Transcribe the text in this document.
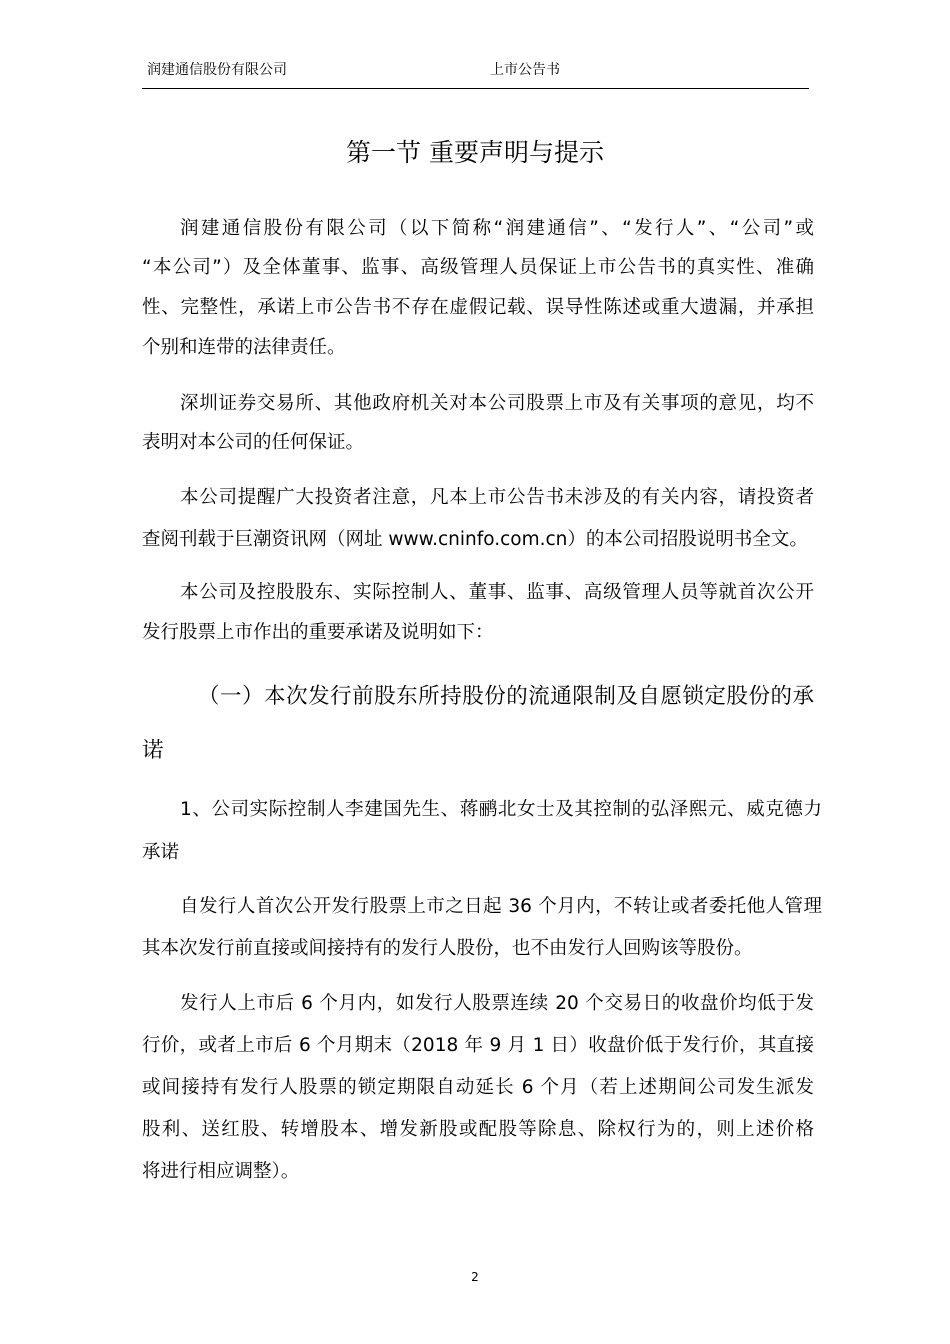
润建通信股份有限公司	上市公告书
第一节 重要声明与提示
润建通信股份有限公司（以下简称“润建通信”、“发行人”、“公司”或
“本公司”）及全体董事、监事、高级管理人员保证上市公告书的真实性、准确
性、完整性，承诺上市公告书不存在虚假记载、误导性陈述或重大遗漏，并承担
个别和连带的法律责任。
深圳证券交易所、其他政府机关对本公司股票上市及有关事项的意见，均不
表明对本公司的任何保证。
本公司提醒广大投资者注意，凡本上市公告书未涉及的有关内容，请投资者
查阅刊载于巨潮资讯网（网址 www.cninfo.com.cn）的本公司招股说明书全文。
本公司及控股股东、实际控制人、董事、监事、高级管理人员等就首次公开
发行股票上市作出的重要承诺及说明如下：
（一）本次发行前股东所持股份的流通限制及自愿锁定股份的承
诺
1、公司实际控制人李建国先生、蒋鹂北女士及其控制的弘泽熙元、威克德力
承诺
自发行人首次公开发行股票上市之日起 36 个月内，不转让或者委托他人管理
其本次发行前直接或间接持有的发行人股份，也不由发行人回购该等股份。
发行人上市后 6 个月内，如发行人股票连续 20 个交易日的收盘价均低于发
行价，或者上市后 6 个月期末（2018 年 9 月 1 日）收盘价低于发行价，其直接
或间接持有发行人股票的锁定期限自动延长 6 个月（若上述期间公司发生派发
股利、送红股、转增股本、增发新股或配股等除息、除权行为的，则上述价格
将进行相应调整）。
2
